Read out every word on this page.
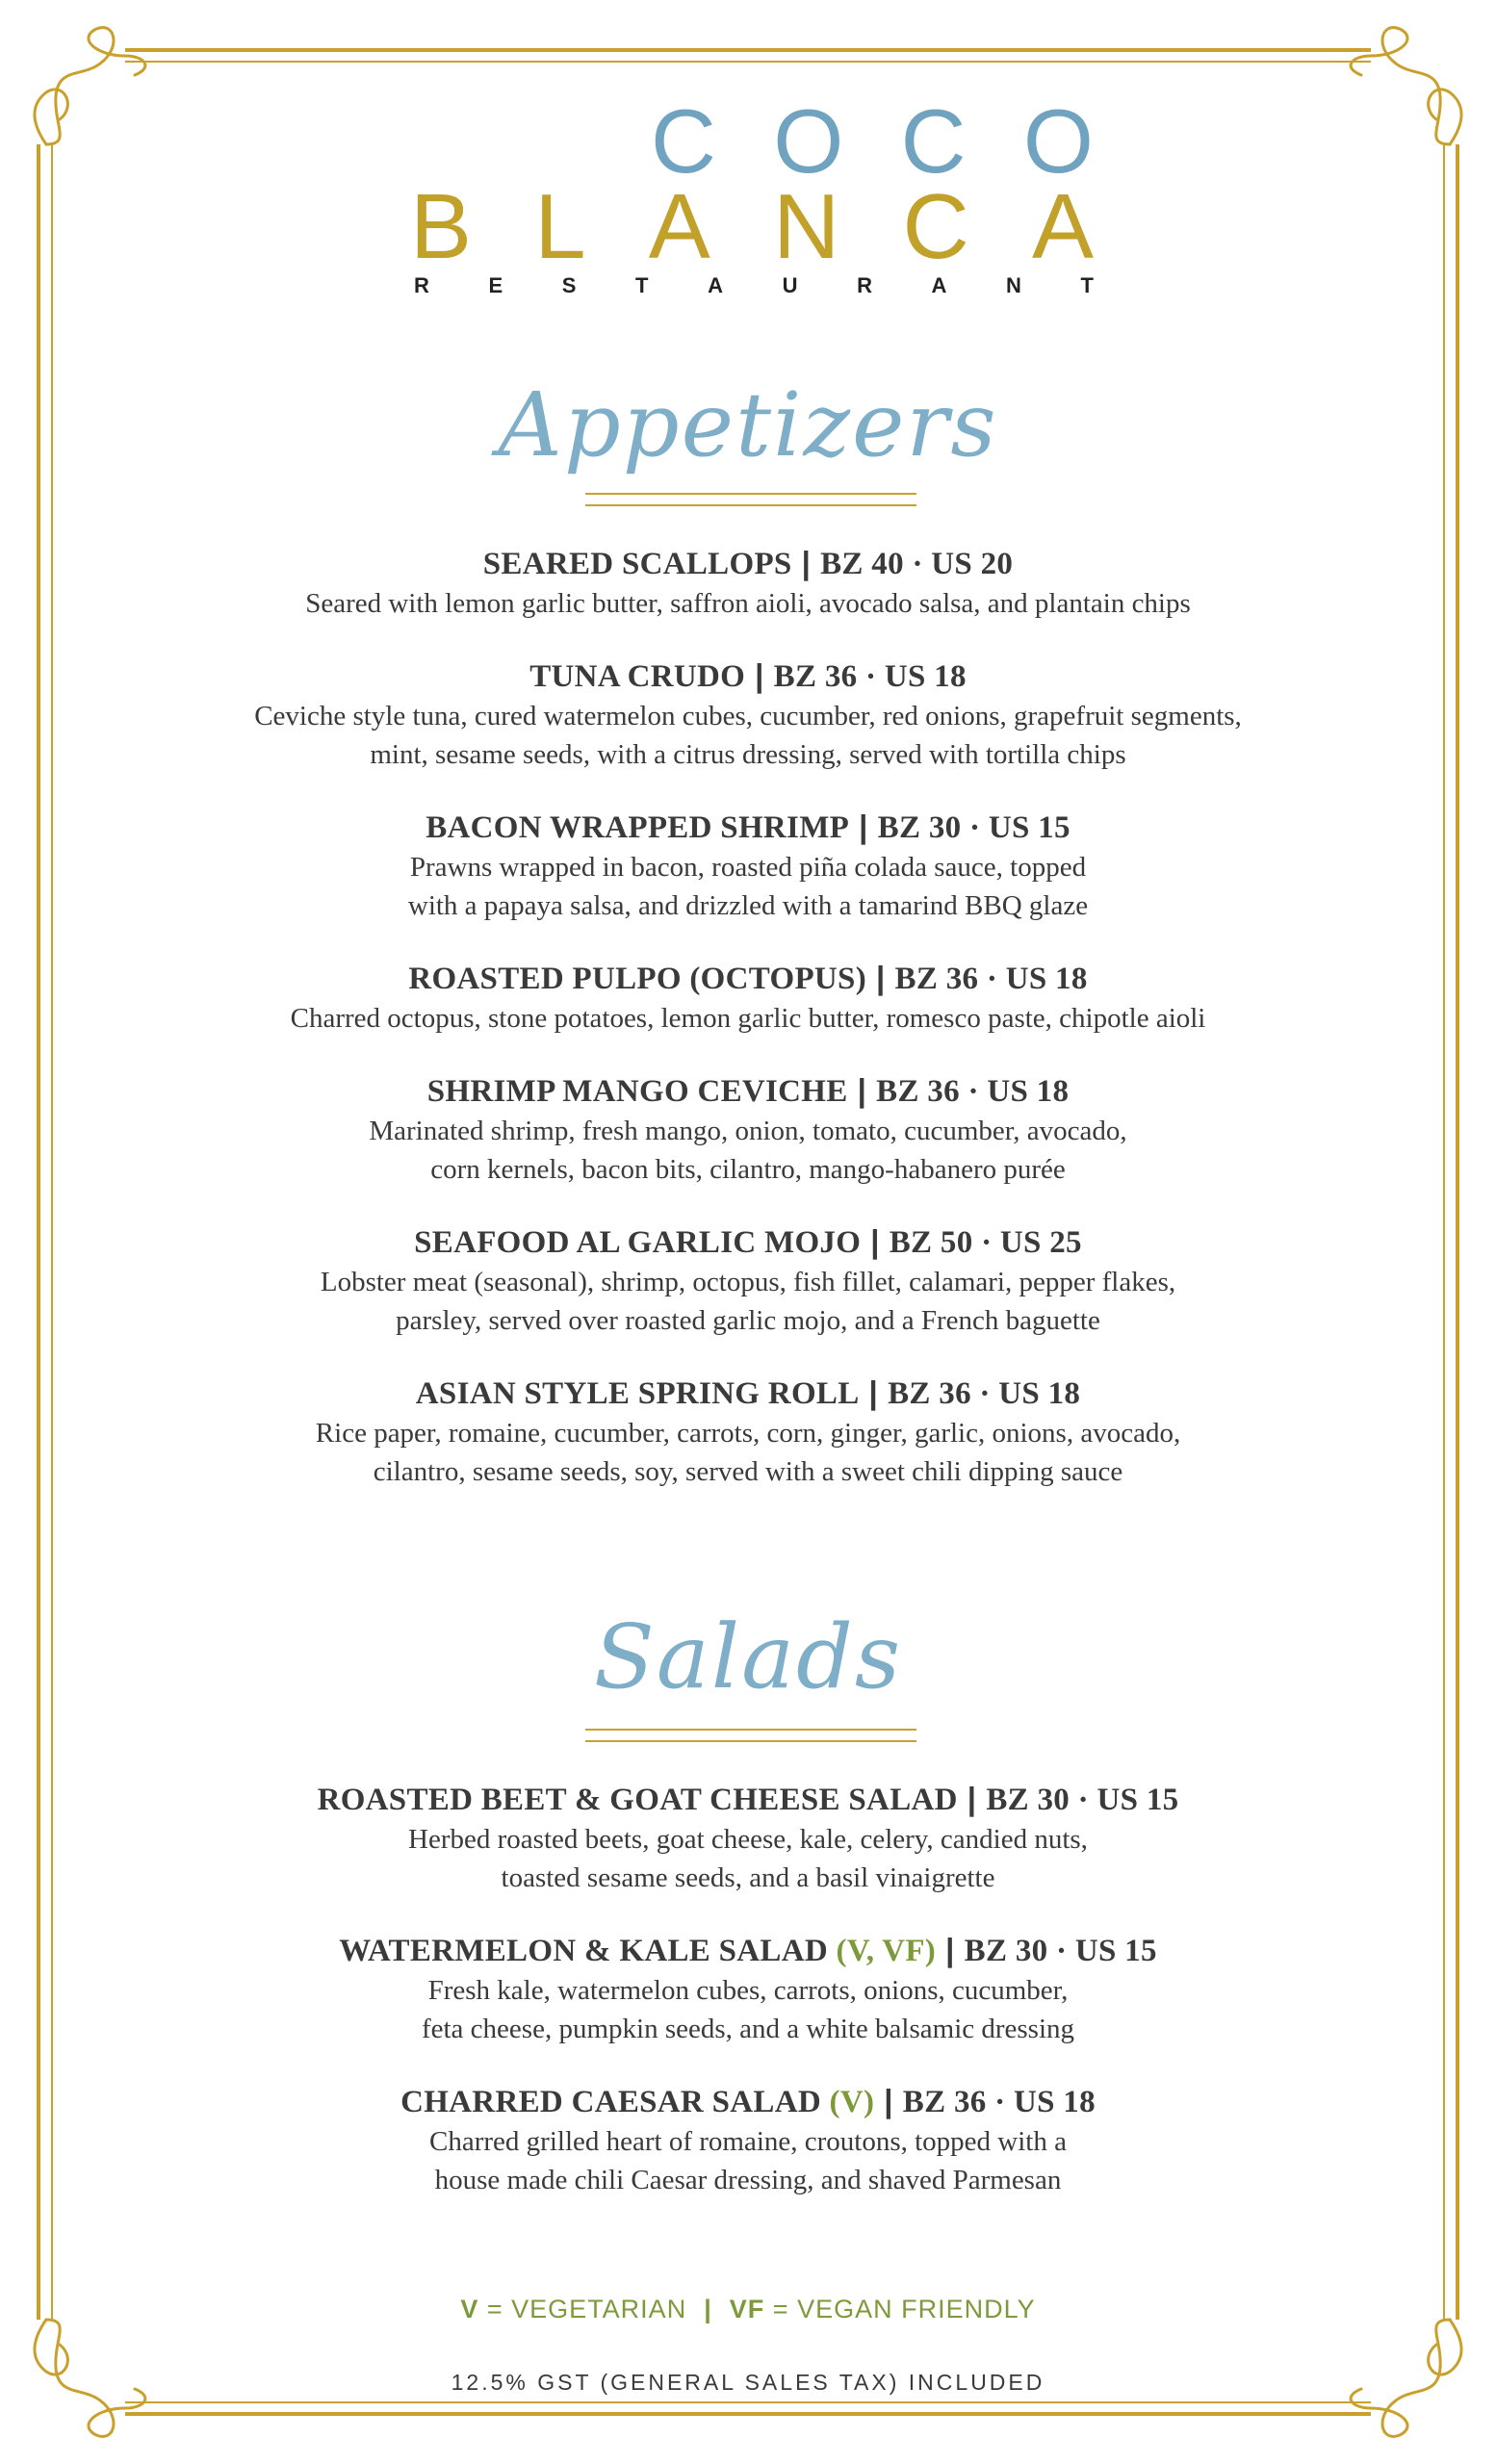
C O C O
B L A N C A
R	E	S	T	A	U	R	A	N	T
Appetizers
SEARED SCALLOPS | BZ 40 · US 20
Seared with lemon garlic butter, saffron aioli, avocado salsa, and plantain chips
TUNA CRUDO | BZ 36 · US 18
Ceviche style tuna, cured watermelon cubes, cucumber, red onions, grapefruit segments,
mint, sesame seeds, with a citrus dressing, served with tortilla chips
BACON WRAPPED SHRIMP | BZ 30 · US 15
Prawns wrapped in bacon, roasted piña colada sauce, topped
with a papaya salsa, and drizzled with a tamarind BBQ glaze
ROASTED PULPO (OCTOPUS) | BZ 36 · US 18
Charred octopus, stone potatoes, lemon garlic butter, romesco paste, chipotle aioli
SHRIMP MANGO CEVICHE | BZ 36 · US 18
Marinated shrimp, fresh mango, onion, tomato, cucumber, avocado,
corn kernels, bacon bits, cilantro, mango-habanero purée
SEAFOOD AL GARLIC MOJO | BZ 50 · US 25
Lobster meat (seasonal), shrimp, octopus, fish fillet, calamari, pepper flakes,
parsley, served over roasted garlic mojo, and a French baguette
ASIAN STYLE SPRING ROLL | BZ 36 · US 18
Rice paper, romaine, cucumber, carrots, corn, ginger, garlic, onions, avocado,
cilantro, sesame seeds, soy, served with a sweet chili dipping sauce
Salads
ROASTED BEET & GOAT CHEESE SALAD | BZ 30 · US 15
Herbed roasted beets, goat cheese, kale, celery, candied nuts,
toasted sesame seeds, and a basil vinaigrette
WATERMELON & KALE SALAD (V, VF) | BZ 30 · US 15
Fresh kale, watermelon cubes, carrots, onions, cucumber,
feta cheese, pumpkin seeds, and a white balsamic dressing
CHARRED CAESAR SALAD (V) | BZ 36 · US 18
Charred grilled heart of romaine, croutons, topped with a
house made chili Caesar dressing, and shaved Parmesan
V = VEGETARIAN | VF = VEGAN FRIENDLY
12.5% GST (GENERAL SALES TAX) INCLUDED
